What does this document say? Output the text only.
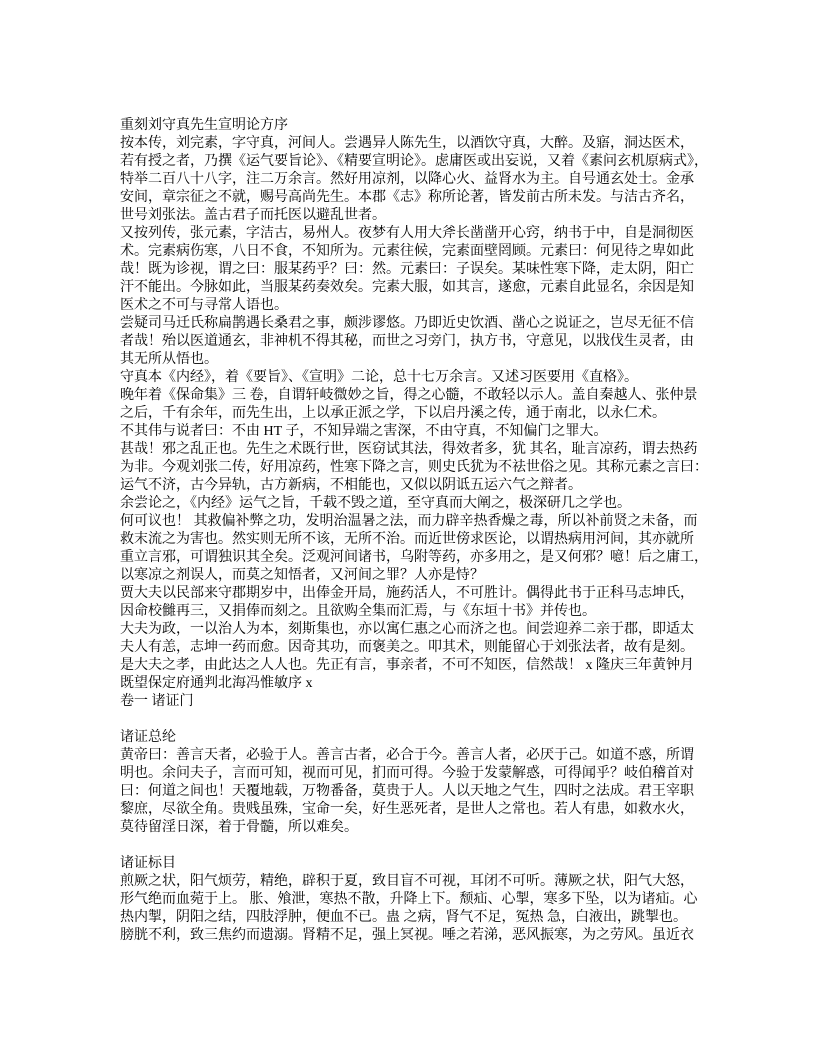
重刻刘守真先生宣明论方序
按本传，刘完素，字守真，河间人。尝遇异人陈先生，以酒饮守真，大醉。及寤，洞达医术，
若有授之者，乃撰《运气要旨论》、《精要宣明论》。虑庸医或出妄说，又着《素问玄机原病式》，
特举二百八十八字，注二万余言。然好用凉剂，以降心火、益肾水为主。自号通玄处士。金承
安间，章宗征之不就，赐号高尚先生。本郡《志》称所论著，皆发前古所未发。与洁古齐名，
世号刘张法。盖古君子而托医以避乱世者。
又按列传，张元素，字洁古，易州人。夜梦有人用大斧长凿凿开心窍，纳书于中，自是洞彻医
术。完素病伤寒，八日不食，不知所为。元素往候，完素面壁罔顾。元素曰：何见待之卑如此
哉！既为诊视，谓之曰：服某药乎？曰：然。元素曰：子误矣。某味性寒下降，走太阴，阳亡
汗不能出。今脉如此，当服某药奏效矣。完素大服，如其言，遂愈，元素自此显名，余因是知
医术之不可与寻常人语也。
尝疑司马迁氏称扁鹊遇长桑君之事，颇涉谬悠。乃即近史饮酒、凿心之说证之，岂尽无征不信
者哉！殆以医道通玄，非神机不得其秘，而世之习旁门，执方书，守意见，以戕伐生灵者，由
其无所从悟也。
守真本《内经》，着《要旨》、《宣明》二论，总十七万余言。又述习医要用《直格》。
晚年着《保命集》三 卷，自谓轩岐微妙之旨，得之心髓，不敢轻以示人。盖自秦越人、张仲景
之后，千有余年，而先生出，上以承正派之学，下以启丹溪之传，通于南北，以永仁术。
不其伟与说者曰：不由 HT 子，不知异端之害深，不由守真，不知偏门之罪大。
甚哉！邪之乱正也。先生之术既行世，医窃试其法，得效者多，犹 其名，耻言凉药，谓去热药
为非。今观刘张二传，好用凉药，性寒下降之言，则史氏犹为不祛世俗之见。其称元素之言曰：
运气不济，古今异轨，古方新病，不相能也，又似以阴诋五运六气之辩者。
余尝论之，《内经》运气之旨，千载不毁之道，至守真而大阐之，极深研几之学也。
何可议也！ 其救偏补弊之功，发明治温暑之法，而力辟辛热香燥之毒，所以补前贤之未备，而
救末流之为害也。然实则无所不该，无所不治。而近世傍求医论，以谓热病用河间，其亦就所
重立言邪，可谓独识其全矣。泛观河间诸书，乌附等药，亦多用之，是又何邪？噫！后之庸工，
以寒凉之剂误人，而莫之知悟者，又河间之罪？人亦是恃？
贾大夫以民部来守郡期岁中，出俸金开局，施药活人，不可胜计。偶得此书于正科马志坤氏，
因命校雠再三，又捐俸而刻之。且欲购全集而汇焉，与《东垣十书》并传也。
大夫为政，一以治人为本，刻斯集也，亦以寓仁惠之心而济之也。间尝迎养二亲于郡，即适太
夫人有恙，志坤一药而愈。因奇其功，而褒美之。叩其术，则能留心于刘张法者，故有是刻。
是大夫之孝，由此达之人人也。先正有言，事亲者，不可不知医，信然哉！ x 隆庆三年黄钟月
既望保定府通判北海冯惟敏序 x
卷一 诸证门
诸证总纶
黄帝曰：善言天者，必验于人。善言古者，必合于今。善言人者，必厌于己。如道不惑，所谓
明也。余问夫子，言而可知，视而可见，扪而可得。今验于发蒙解惑，可得闻乎？岐伯稽首对
曰：何道之间也！天覆地载，万物番备，莫贵于人。人以天地之气生，四时之法成。君王宰职
黎庶，尽欲全角。贵贱虽殊，宝命一矣，好生恶死者，是世人之常也。若人有患，如救水火，
莫待留淫日深，着于骨髓，所以难矣。
诸证标目
煎厥之状，阳气烦劳，精绝，辟积于夏，致目盲不可视，耳闭不可听。薄厥之状，阳气大怒，
形气绝而血菀于上。 胀、飧泄，寒热不散，升降上下。颓疝、心掣，寒多下坠，以为诸疝。心
热内掣，阴阳之结，四肢浮肿，便血不已。蛊 之病，肾气不足，冤热 急，白液出，跳掣也。
膀胱不利，致三焦约而遗溺。肾精不足，强上冥视。唾之若涕，恶风振寒，为之劳风。虽近衣
